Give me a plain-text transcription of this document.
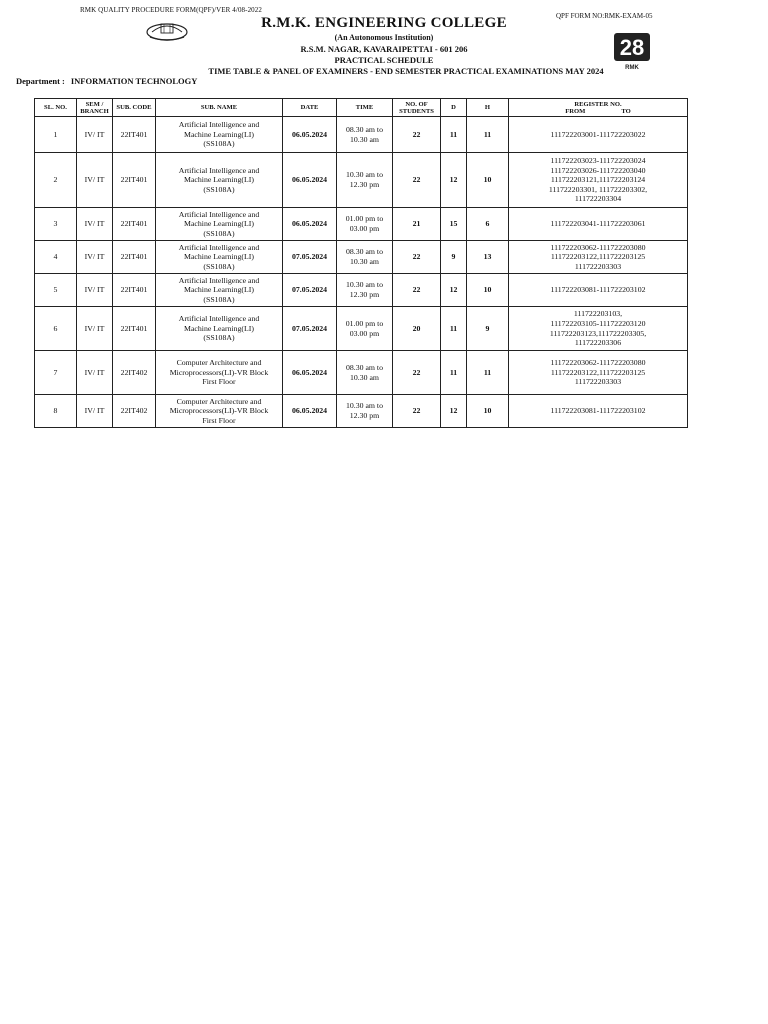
RMK QUALITY PROCEDURE FORM(QPF)/VER 4/08-2022
QPF FORM NO:RMK-EXAM-05
28
RMK
R.M.K. ENGINEERING COLLEGE
(An Autonomous Institution)
R.S.M. NAGAR, KAVARAIPETTAI - 601 206
PRACTICAL SCHEDULE
TIME TABLE & PANEL OF EXAMINERS - END SEMESTER PRACTICAL EXAMINATIONS MAY 2024
Department : INFORMATION TECHNOLOGY
SL. NO.	SEM /
BRANCH	SUB. CODE	SUB. NAME	DATE	TIME	NO. OF
STUDENTS	D	H	REGISTER NO.
FROM TO

1	IV/ IT	22IT401	Artificial Intelligence and
Machine Learning(LI)
(SS108A)	06.05.2024	08.30 am to
10.30 am	22	11	11	111722203001-111722203022
2	IV/ IT	22IT401	Artificial Intelligence and
Machine Learning(LI)
(SS108A)	06.05.2024	10.30 am to
12.30 pm	22	12	10	111722203023-111722203024
111722203026-111722203040
111722203121,111722203124
111722203301, 111722203302,
111722203304
3	IV/ IT	22IT401	Artificial Intelligence and
Machine Learning(LI)
(SS108A)	06.05.2024	01.00 pm to
03.00 pm	21	15	6	111722203041-111722203061
4	IV/ IT	22IT401	Artificial Intelligence and
Machine Learning(LI)
(SS108A)	07.05.2024	08.30 am to
10.30 am	22	9	13	111722203062-111722203080
111722203122,111722203125
111722203303
5	IV/ IT	22IT401	Artificial Intelligence and
Machine Learning(LI)
(SS108A)	07.05.2024	10.30 am to
12.30 pm	22	12	10	111722203081-111722203102
6	IV/ IT	22IT401	Artificial Intelligence and
Machine Learning(LI)
(SS108A)	07.05.2024	01.00 pm to
03.00 pm	20	11	9	111722203103,
111722203105-111722203120
111722203123,111722203305,
111722203306
7	IV/ IT	22IT402	Computer Architecture and
Microprocessors(LI)-VR Block
First Floor	06.05.2024	08.30 am to
10.30 am	22	11	11	111722203062-111722203080
111722203122,111722203125
111722203303
8	IV/ IT	22IT402	Computer Architecture and
Microprocessors(LI)-VR Block
First Floor	06.05.2024	10.30 am to
12.30 pm	22	12	10	111722203081-111722203102
